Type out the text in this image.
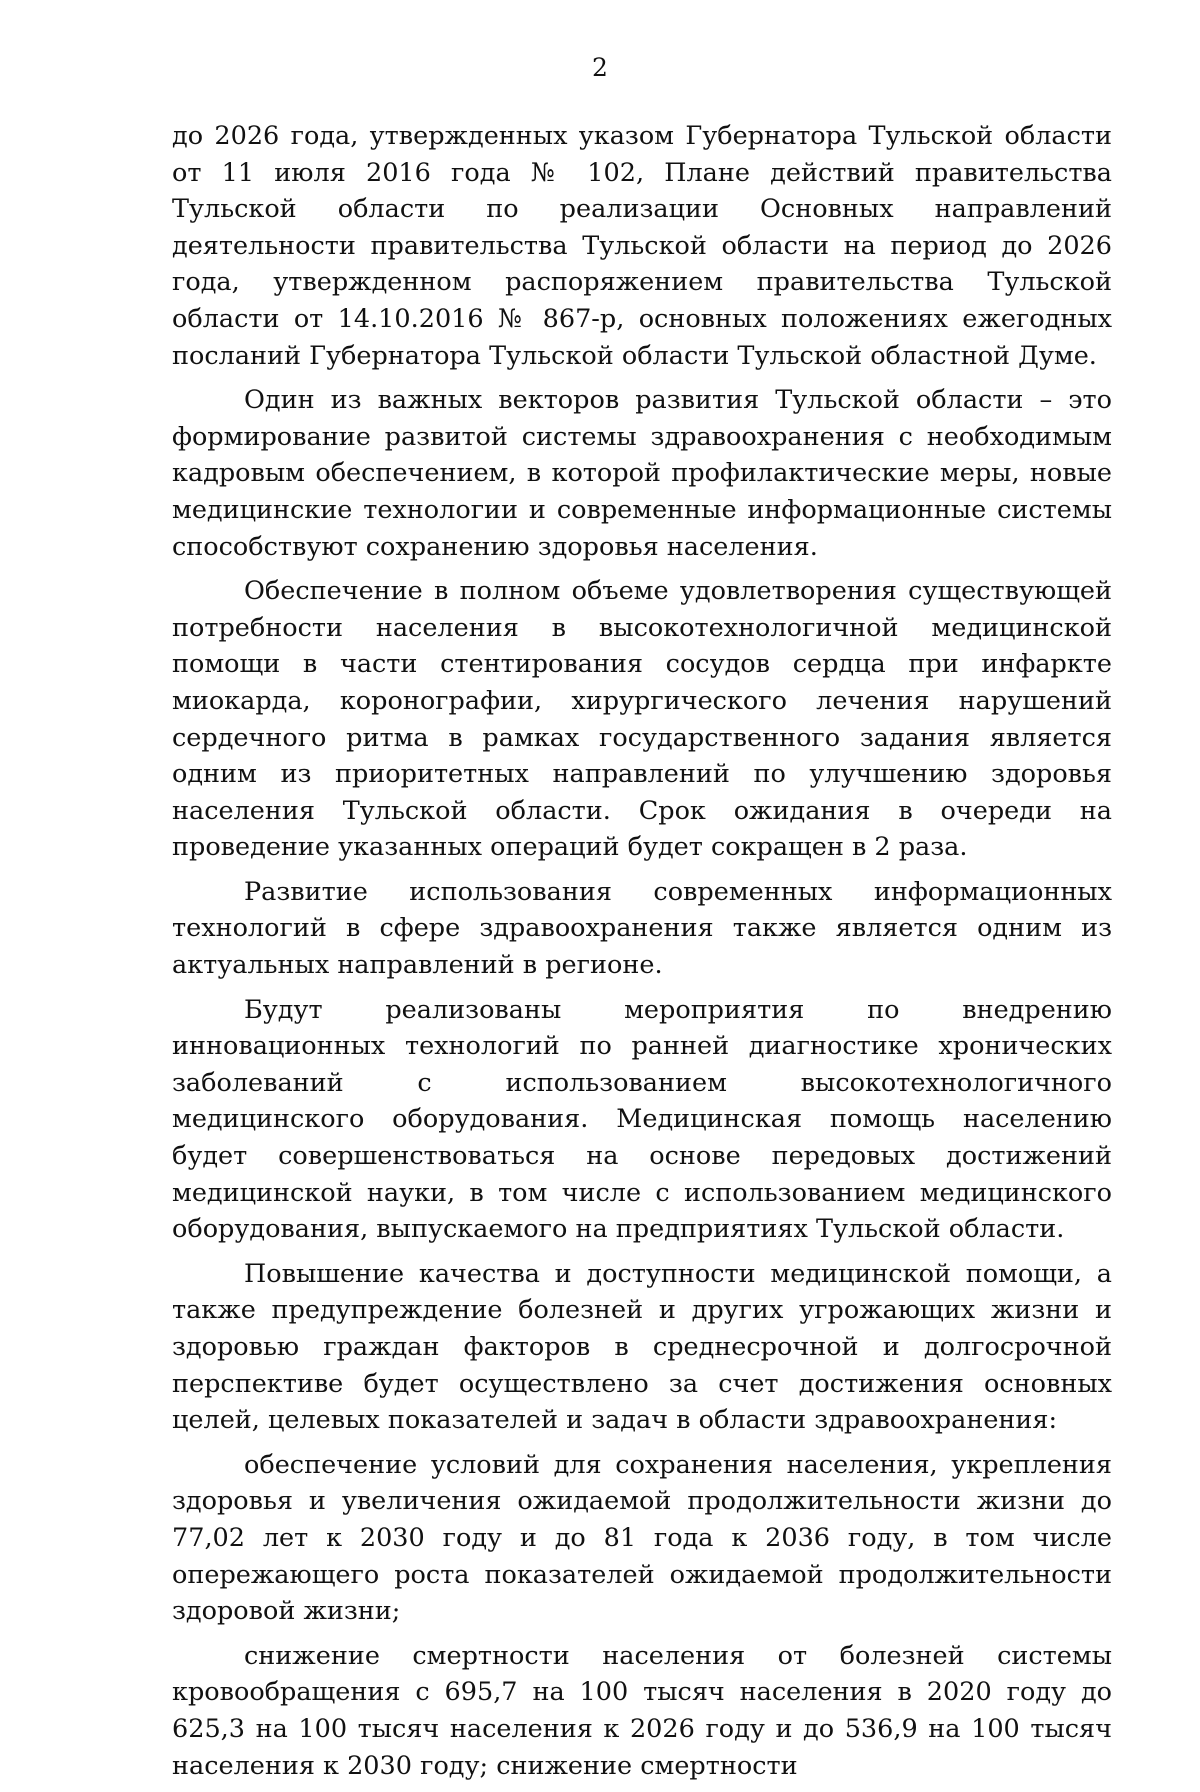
2

до 2026 года, утвержденных указом Губернатора Тульской области от 11 июля 2016 года № 102, Плане действий правительства Тульской области по реализации Основных направлений деятельности правительства Тульской области на период до 2026 года, утвержденном распоряжением правительства Тульской области от 14.10.2016 № 867-р, основных положениях ежегодных посланий Губернатора Тульской области Тульской областной Думе.

Один из важных векторов развития Тульской области – это формирование развитой системы здравоохранения с необходимым кадровым обеспечением, в которой профилактические меры, новые медицинские технологии и современные информационные системы способствуют сохранению здоровья населения.

Обеспечение в полном объеме удовлетворения существующей потребности населения в высокотехнологичной медицинской помощи в части стентирования сосудов сердца при инфаркте миокарда, коронографии, хирургического лечения нарушений сердечного ритма в рамках государственного задания является одним из приоритетных направлений по улучшению здоровья населения Тульской области. Срок ожидания в очереди на проведение указанных операций будет сокращен в 2 раза.

Развитие использования современных информационных технологий в сфере здравоохранения также является одним из актуальных направлений в регионе.

Будут реализованы мероприятия по внедрению инновационных технологий по ранней диагностике хронических заболеваний с использованием высокотехнологичного медицинского оборудования. Медицинская помощь населению будет совершенствоваться на основе передовых достижений медицинской науки, в том числе с использованием медицинского оборудования, выпускаемого на предприятиях Тульской области.

Повышение качества и доступности медицинской помощи, а также предупреждение болезней и других угрожающих жизни и здоровью граждан факторов в среднесрочной и долгосрочной перспективе будет осуществлено за счет достижения основных целей, целевых показателей и задач в области здравоохранения:

обеспечение условий для сохранения населения, укрепления здоровья и увеличения ожидаемой продолжительности жизни до 77,02 лет к 2030 году и до 81 года к 2036 году, в том числе опережающего роста показателей ожидаемой продолжительности здоровой жизни;

снижение смертности населения от болезней системы кровообращения с 695,7 на 100 тысяч населения в 2020 году до 625,3 на 100 тысяч населения к 2026 году и до 536,9 на 100 тысяч населения к 2030 году; снижение смертности
